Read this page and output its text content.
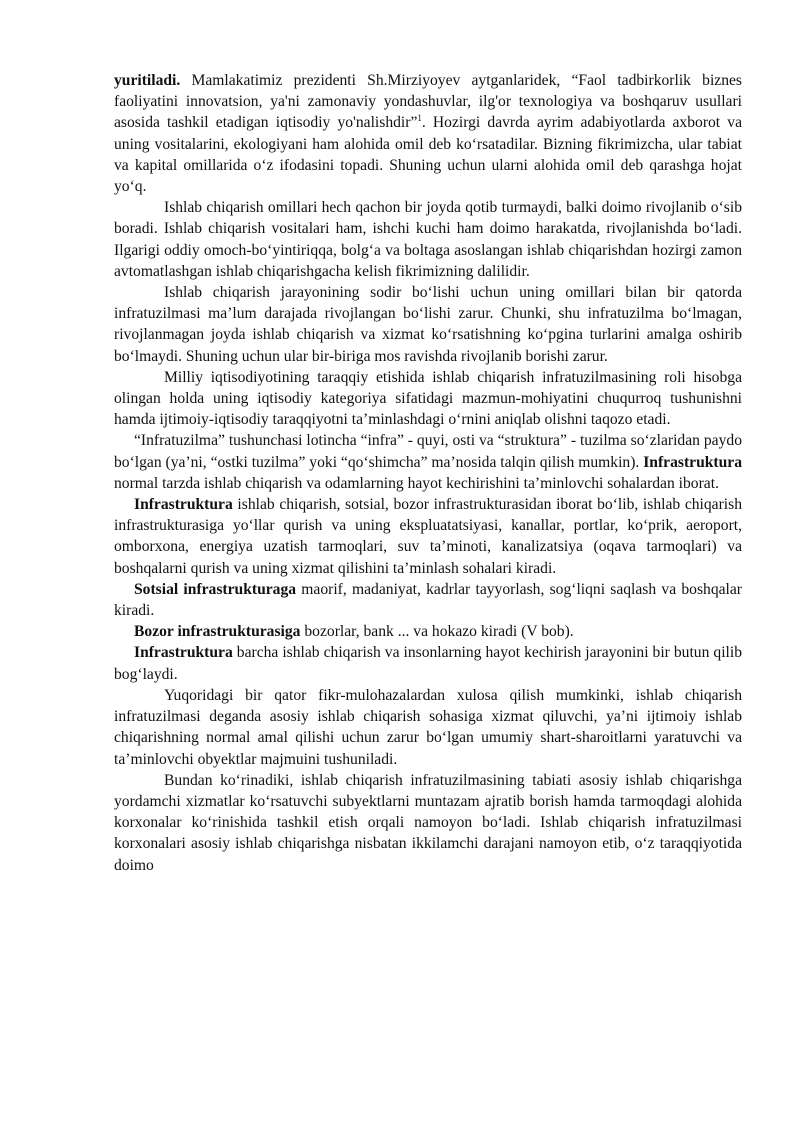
yuritiladi. Mamlakatimiz prezidenti Sh.Mirziyoyev aytganlaridek, “Faol tadbirkorlik biznes faoliyatini innovatsion, ya'ni zamonaviy yondashuvlar, ilg'or texnologiya va boshqaruv usullari asosida tashkil etadigan iqtisodiy yo'nalishdir”$^1$. Hozirgi davrda ayrim adabiyotlarda axborot va uning vositalarini, ekologiyani ham alohida omil deb ko‘rsatadilar. Bizning fikrimizcha, ular tabiat va kapital omillarida o‘z ifodasini topadi. Shuning uchun ularni alohida omil deb qarashga hojat yo‘q.

Ishlab chiqarish omillari hech qachon bir joyda qotib turmaydi, balki doimo rivojlanib o‘sib boradi. Ishlab chiqarish vositalari ham, ishchi kuchi ham doimo harakatda, rivojlanishda bo‘ladi. Ilgarigi oddiy omoch-bo‘yintiriqqa, bolg‘a va boltaga asoslangan ishlab chiqarishdan hozirgi zamon avtomatlashgan ishlab chiqarishgacha kelish fikrimizning dalilidir.

Ishlab chiqarish jarayonining sodir bo‘lishi uchun uning omillari bilan bir qatorda infratuzilmasi ma’lum darajada rivojlangan bo‘lishi zarur. Chunki, shu infratuzilma bo‘lmagan, rivojlanmagan joyda ishlab chiqarish va xizmat ko‘rsatishning ko‘pgina turlarini amalga oshirib bo‘lmaydi. Shuning uchun ular bir-biriga mos ravishda rivojlanib borishi zarur.

Milliy iqtisodiyotining taraqqiy etishida ishlab chiqarish infratuzilmasining roli hisobga olingan holda uning iqtisodiy kategoriya sifatidagi mazmun-mohiyatini chuqurroq tushunishni hamda ijtimoiy-iqtisodiy taraqqiyotni ta’minlashdagi o‘rnini aniqlab olishni taqozo etadi.

“Infratuzilma” tushunchasi lotincha “infra” - quyi, osti va “struktura” - tuzilma so‘zlaridan paydo bo‘lgan (ya’ni, “ostki tuzilma” yoki “qo‘shimcha” ma’nosida talqin qilish mumkin). Infrastruktura normal tarzda ishlab chiqarish va odamlarning hayot kechirishini ta’minlovchi sohalardan iborat.

Infrastruktura ishlab chiqarish, sotsial, bozor infrastrukturasidan iborat bo‘lib, ishlab chiqarish infrastrukturasiga yo‘llar qurish va uning ekspluatatsiyasi, kanallar, portlar, ko‘prik, aeroport, omborxona, energiya uzatish tarmoqlari, suv ta’minoti, kanalizatsiya (oqava tarmoqlari) va boshqalarni qurish va uning xizmat qilishini ta’minlash sohalari kiradi.

Sotsial infrastrukturaga maorif, madaniyat, kadrlar tayyorlash, sog‘liqni saqlash va boshqalar kiradi.

Bozor infrastrukturasiga bozorlar, bank ... va hokazo kiradi (V bob).

Infrastruktura barcha ishlab chiqarish va insonlarning hayot kechirish jarayonini bir butun qilib bog‘laydi.

Yuqoridagi bir qator fikr-mulohazalardan xulosa qilish mumkinki, ishlab chiqarish infratuzilmasi deganda asosiy ishlab chiqarish sohasiga xizmat qiluvchi, ya’ni ijtimoiy ishlab chiqarishning normal amal qilishi uchun zarur bo‘lgan umumiy shart-sharoitlarni yaratuvchi va ta’minlovchi obyektlar majmuini tushuniladi.

Bundan ko‘rinadiki, ishlab chiqarish infratuzilmasining tabiati asosiy ishlab chiqarishga yordamchi xizmatlar ko‘rsatuvchi subyektlarni muntazam ajratib borish hamda tarmoqdagi alohida korxonalar ko‘rinishida tashkil etish orqali namoyon bo‘ladi. Ishlab chiqarish infratuzilmasi korxonalari asosiy ishlab chiqarishga nisbatan ikkilamchi darajani namoyon etib, o‘z taraqqiyotida doimo
